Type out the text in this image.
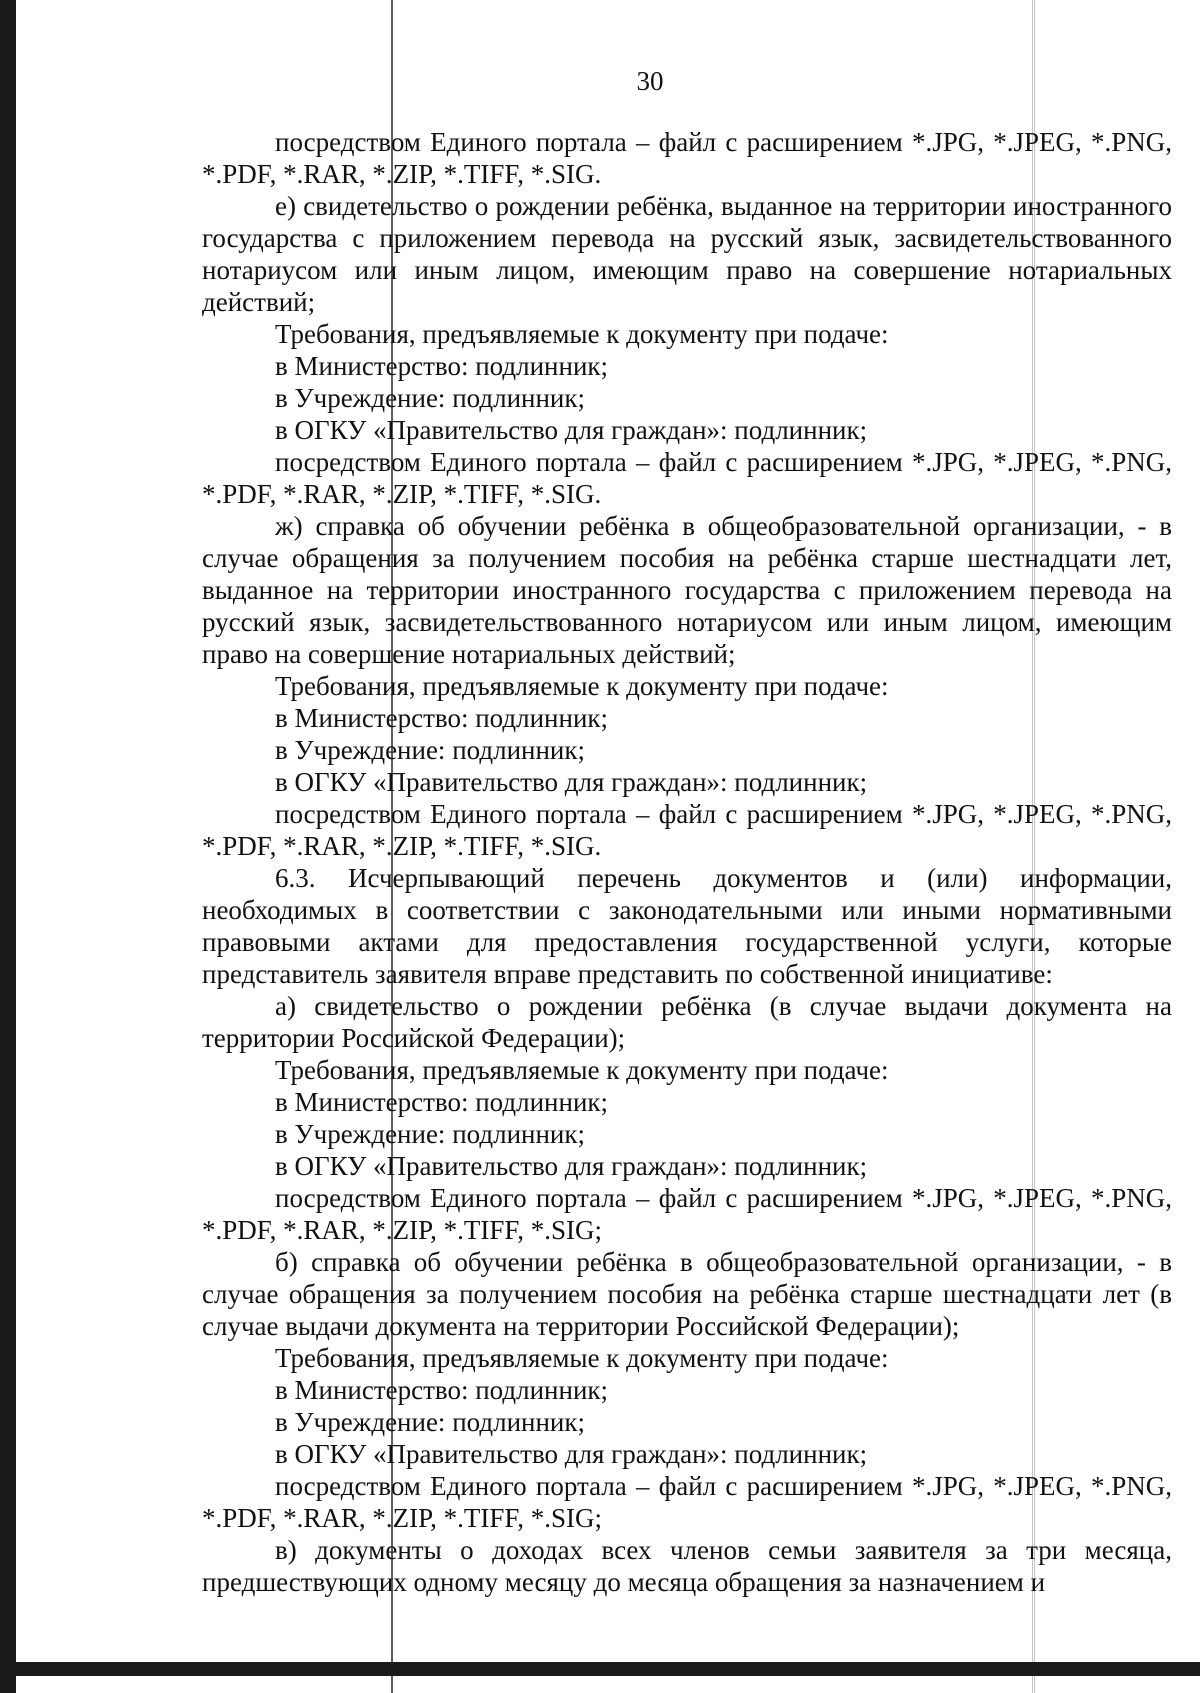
30

посредством Единого портала – файл с расширением *.JPG, *.JPEG, *.PNG, *.PDF, *.RAR, *.ZIP, *.TIFF, *.SIG.

е) свидетельство о рождении ребёнка, выданное на территории иностранного государства с приложением перевода на русский язык, засвидетельствованного нотариусом или иным лицом, имеющим право на совершение нотариальных действий;

Требования, предъявляемые к документу при подаче:

в Министерство: подлинник;

в Учреждение: подлинник;

в ОГКУ «Правительство для граждан»: подлинник;

посредством Единого портала – файл с расширением *.JPG, *.JPEG, *.PNG, *.PDF, *.RAR, *.ZIP, *.TIFF, *.SIG.

ж) справка об обучении ребёнка в общеобразовательной организации, - в случае обращения за получением пособия на ребёнка старше шестнадцати лет, выданное на территории иностранного государства с приложением перевода на русский язык, засвидетельствованного нотариусом или иным лицом, имеющим право на совершение нотариальных действий;

Требования, предъявляемые к документу при подаче:

в Министерство: подлинник;

в Учреждение: подлинник;

в ОГКУ «Правительство для граждан»: подлинник;

посредством Единого портала – файл с расширением *.JPG, *.JPEG, *.PNG, *.PDF, *.RAR, *.ZIP, *.TIFF, *.SIG.

6.3. Исчерпывающий перечень документов и (или) информации, необходимых в соответствии с законодательными или иными нормативными правовыми актами для предоставления государственной услуги, которые представитель заявителя вправе представить по собственной инициативе:

а) свидетельство о рождении ребёнка (в случае выдачи документа на территории Российской Федерации);

Требования, предъявляемые к документу при подаче:

в Министерство: подлинник;

в Учреждение: подлинник;

в ОГКУ «Правительство для граждан»: подлинник;

посредством Единого портала – файл с расширением *.JPG, *.JPEG, *.PNG, *.PDF, *.RAR, *.ZIP, *.TIFF, *.SIG;

б) справка об обучении ребёнка в общеобразовательной организации, - в случае обращения за получением пособия на ребёнка старше шестнадцати лет (в случае выдачи документа на территории Российской Федерации);

Требования, предъявляемые к документу при подаче:

в Министерство: подлинник;

в Учреждение: подлинник;

в ОГКУ «Правительство для граждан»: подлинник;

посредством Единого портала – файл с расширением *.JPG, *.JPEG, *.PNG, *.PDF, *.RAR, *.ZIP, *.TIFF, *.SIG;

в) документы о доходах всех членов семьи заявителя за три месяца, предшествующих одному месяцу до месяца обращения за назначением и
